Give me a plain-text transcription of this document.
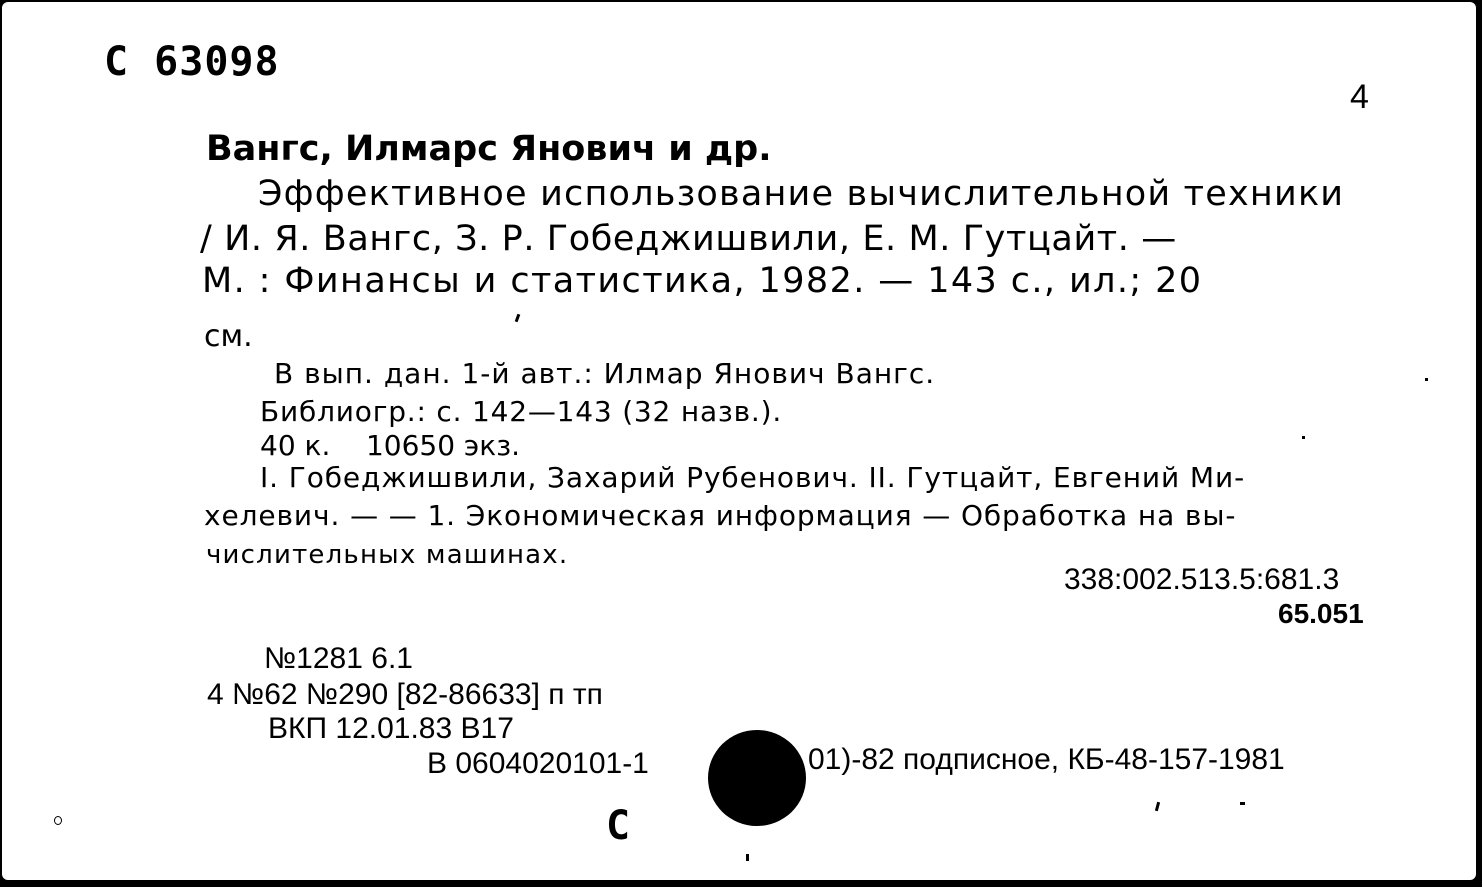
С 63098
4
Вангс, Илмарс Янович и др.
Эффективное использование вычислительной техники
/ И. Я. Вангс, З. Р. Гобеджишвили, Е. М. Гутцайт. —
М. : Финансы и статистика, 1982. — 143 с., ил.; 20
см.
В вып. дан. 1-й авт.: Илмар Янович Вангс.
Библиогр.: с. 142—143 (32 назв.).
40 к.    10650 экз.
I. Гобеджишвили, Захарий Рубенович. II. Гутцайт, Евгений Ми-
хелевич. — — 1. Экономическая информация — Обработка на вы-
числительных машинах.
338:002.513.5:681.3
65.051
№1281 6.1
4 №62 №290 [82-86633] п тп
ВКП 12.01.83 В17
В 0604020101-1	01)-82 подписное, КБ-48-157-1981
С
